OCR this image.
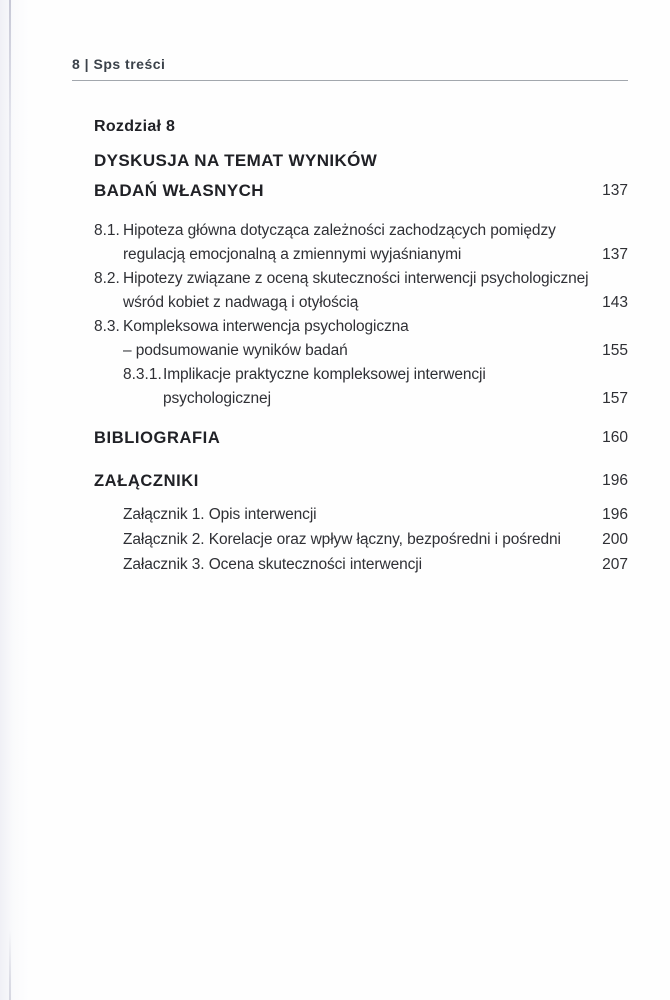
8 | Sps treści
Rozdział 8
DYSKUSJA NA TEMAT WYNIKÓW
BADAŃ WŁASNYCH	137
8.1. Hipoteza główna dotycząca zależności zachodzących pomiędzy
regulacją emocjonalną a zmiennymi wyjaśnianymi	137
8.2. Hipotezy związane z oceną skuteczności interwencji psychologicznej
wśród kobiet z nadwagą i otyłością	143
8.3. Kompleksowa interwencja psychologiczna
– podsumowanie wyników badań	155
8.3.1. Implikacje praktyczne kompleksowej interwencji
psychologicznej	157
BIBLIOGRAFIA	160
ZAŁĄCZNIKI	196
Załącznik 1. Opis interwencji	196
Załącznik 2. Korelacje oraz wpływ łączny, bezpośredni i pośredni	200
Załacznik 3. Ocena skuteczności interwencji	207
